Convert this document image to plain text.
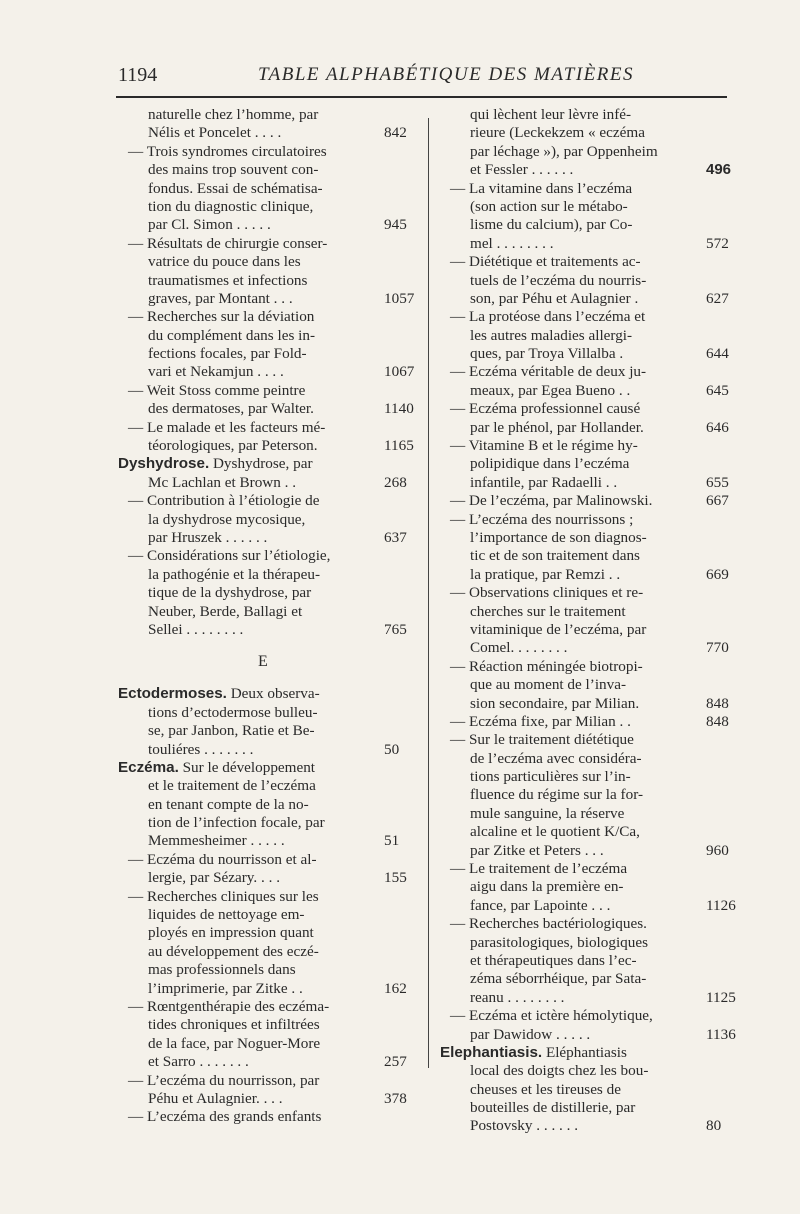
1194	TABLE ALPHABÉTIQUE DES MATIÈRES
naturelle chez l’homme, par
Nélis et Poncelet . . . .	842
— Trois syndromes circulatoires
des mains trop souvent con-
fondus. Essai de schématisa-
tion du diagnostic clinique,
par Cl. Simon . . . . .	945
— Résultats de chirurgie conser-
vatrice du pouce dans les
traumatismes et infections
graves, par Montant . . .	1057
— Recherches sur la déviation
du complément dans les in-
fections focales, par Fold-
vari et Nekamjun . . . .	1067
— Weit Stoss comme peintre
des dermatoses, par Walter.	1140
— Le malade et les facteurs mé-
téorologiques, par Peterson.	1165
Dyshydrose. Dyshydrose, par
Mc Lachlan et Brown . .	268
— Contribution à l’étiologie de
la dyshydrose mycosique,
par Hruszek . . . . . .	637
— Considérations sur l’étiologie,
la pathogénie et la thérapeu-
tique de la dyshydrose, par
Neuber, Berde, Ballagi et
Sellei . . . . . . . .	765
E
Ectodermoses. Deux observa-
tions d’ectodermose bulleu-
se, par Janbon, Ratie et Be-
touliéres . . . . . . .	50
Eczéma. Sur le développement
et le traitement de l’eczéma
en tenant compte de la no-
tion de l’infection focale, par
Memmesheimer . . . . .	51
— Eczéma du nourrisson et al-
lergie, par Sézary. . . .	155
— Recherches cliniques sur les
liquides de nettoyage em-
ployés en impression quant
au développement des eczé-
mas professionnels dans
l’imprimerie, par Zitke . .	162
— Rœntgenthérapie des eczéma-
tides chroniques et infiltrées
de la face, par Noguer-More
et Sarro . . . . . . .	257
— L’eczéma du nourrisson, par
Péhu et Aulagnier. . . .	378
— L’eczéma des grands enfants
qui lèchent leur lèvre infé-
rieure (Leckekzem « eczéma
par léchage »), par Oppenheim
et Fessler . . . . . .	496
— La vitamine dans l’eczéma
(son action sur le métabo-
lisme du calcium), par Co-
mel . . . . . . . .	572
— Diététique et traitements ac-
tuels de l’eczéma du nourris-
son, par Péhu et Aulagnier .	627
— La protéose dans l’eczéma et
les autres maladies allergi-
ques, par Troya Villalba .	644
— Eczéma véritable de deux ju-
meaux, par Egea Bueno . .	645
— Eczéma professionnel causé
par le phénol, par Hollander.	646
— Vitamine B et le régime hy-
polipidique dans l’eczéma
infantile, par Radaelli . .	655
— De l’eczéma, par Malinowski.	667
— L’eczéma des nourrissons ;
l’importance de son diagnos-
tic et de son traitement dans
la pratique, par Remzi . .	669
— Observations cliniques et re-
cherches sur le traitement
vitaminique de l’eczéma, par
Comel. . . . . . . .	770
— Réaction méningée biotropi-
que au moment de l’inva-
sion secondaire, par Milian.	848
— Eczéma fixe, par Milian . .	848
— Sur le traitement diététique
de l’eczéma avec considéra-
tions particulières sur l’in-
fluence du régime sur la for-
mule sanguine, la réserve
alcaline et le quotient K/Ca,
par Zitke et Peters . . .	960
— Le traitement de l’eczéma
aigu dans la première en-
fance, par Lapointe . . .	1126
— Recherches bactériologiques.
parasitologiques, biologiques
et thérapeutiques dans l’ec-
zéma séborrhéique, par Sata-
reanu . . . . . . . .	1125
— Eczéma et ictère hémolytique,
par Dawidow . . . . .	1136
Elephantiasis. Eléphantiasis
local des doigts chez les bou-
cheuses et les tireuses de
bouteilles de distillerie, par
Postovsky . . . . . .	80
